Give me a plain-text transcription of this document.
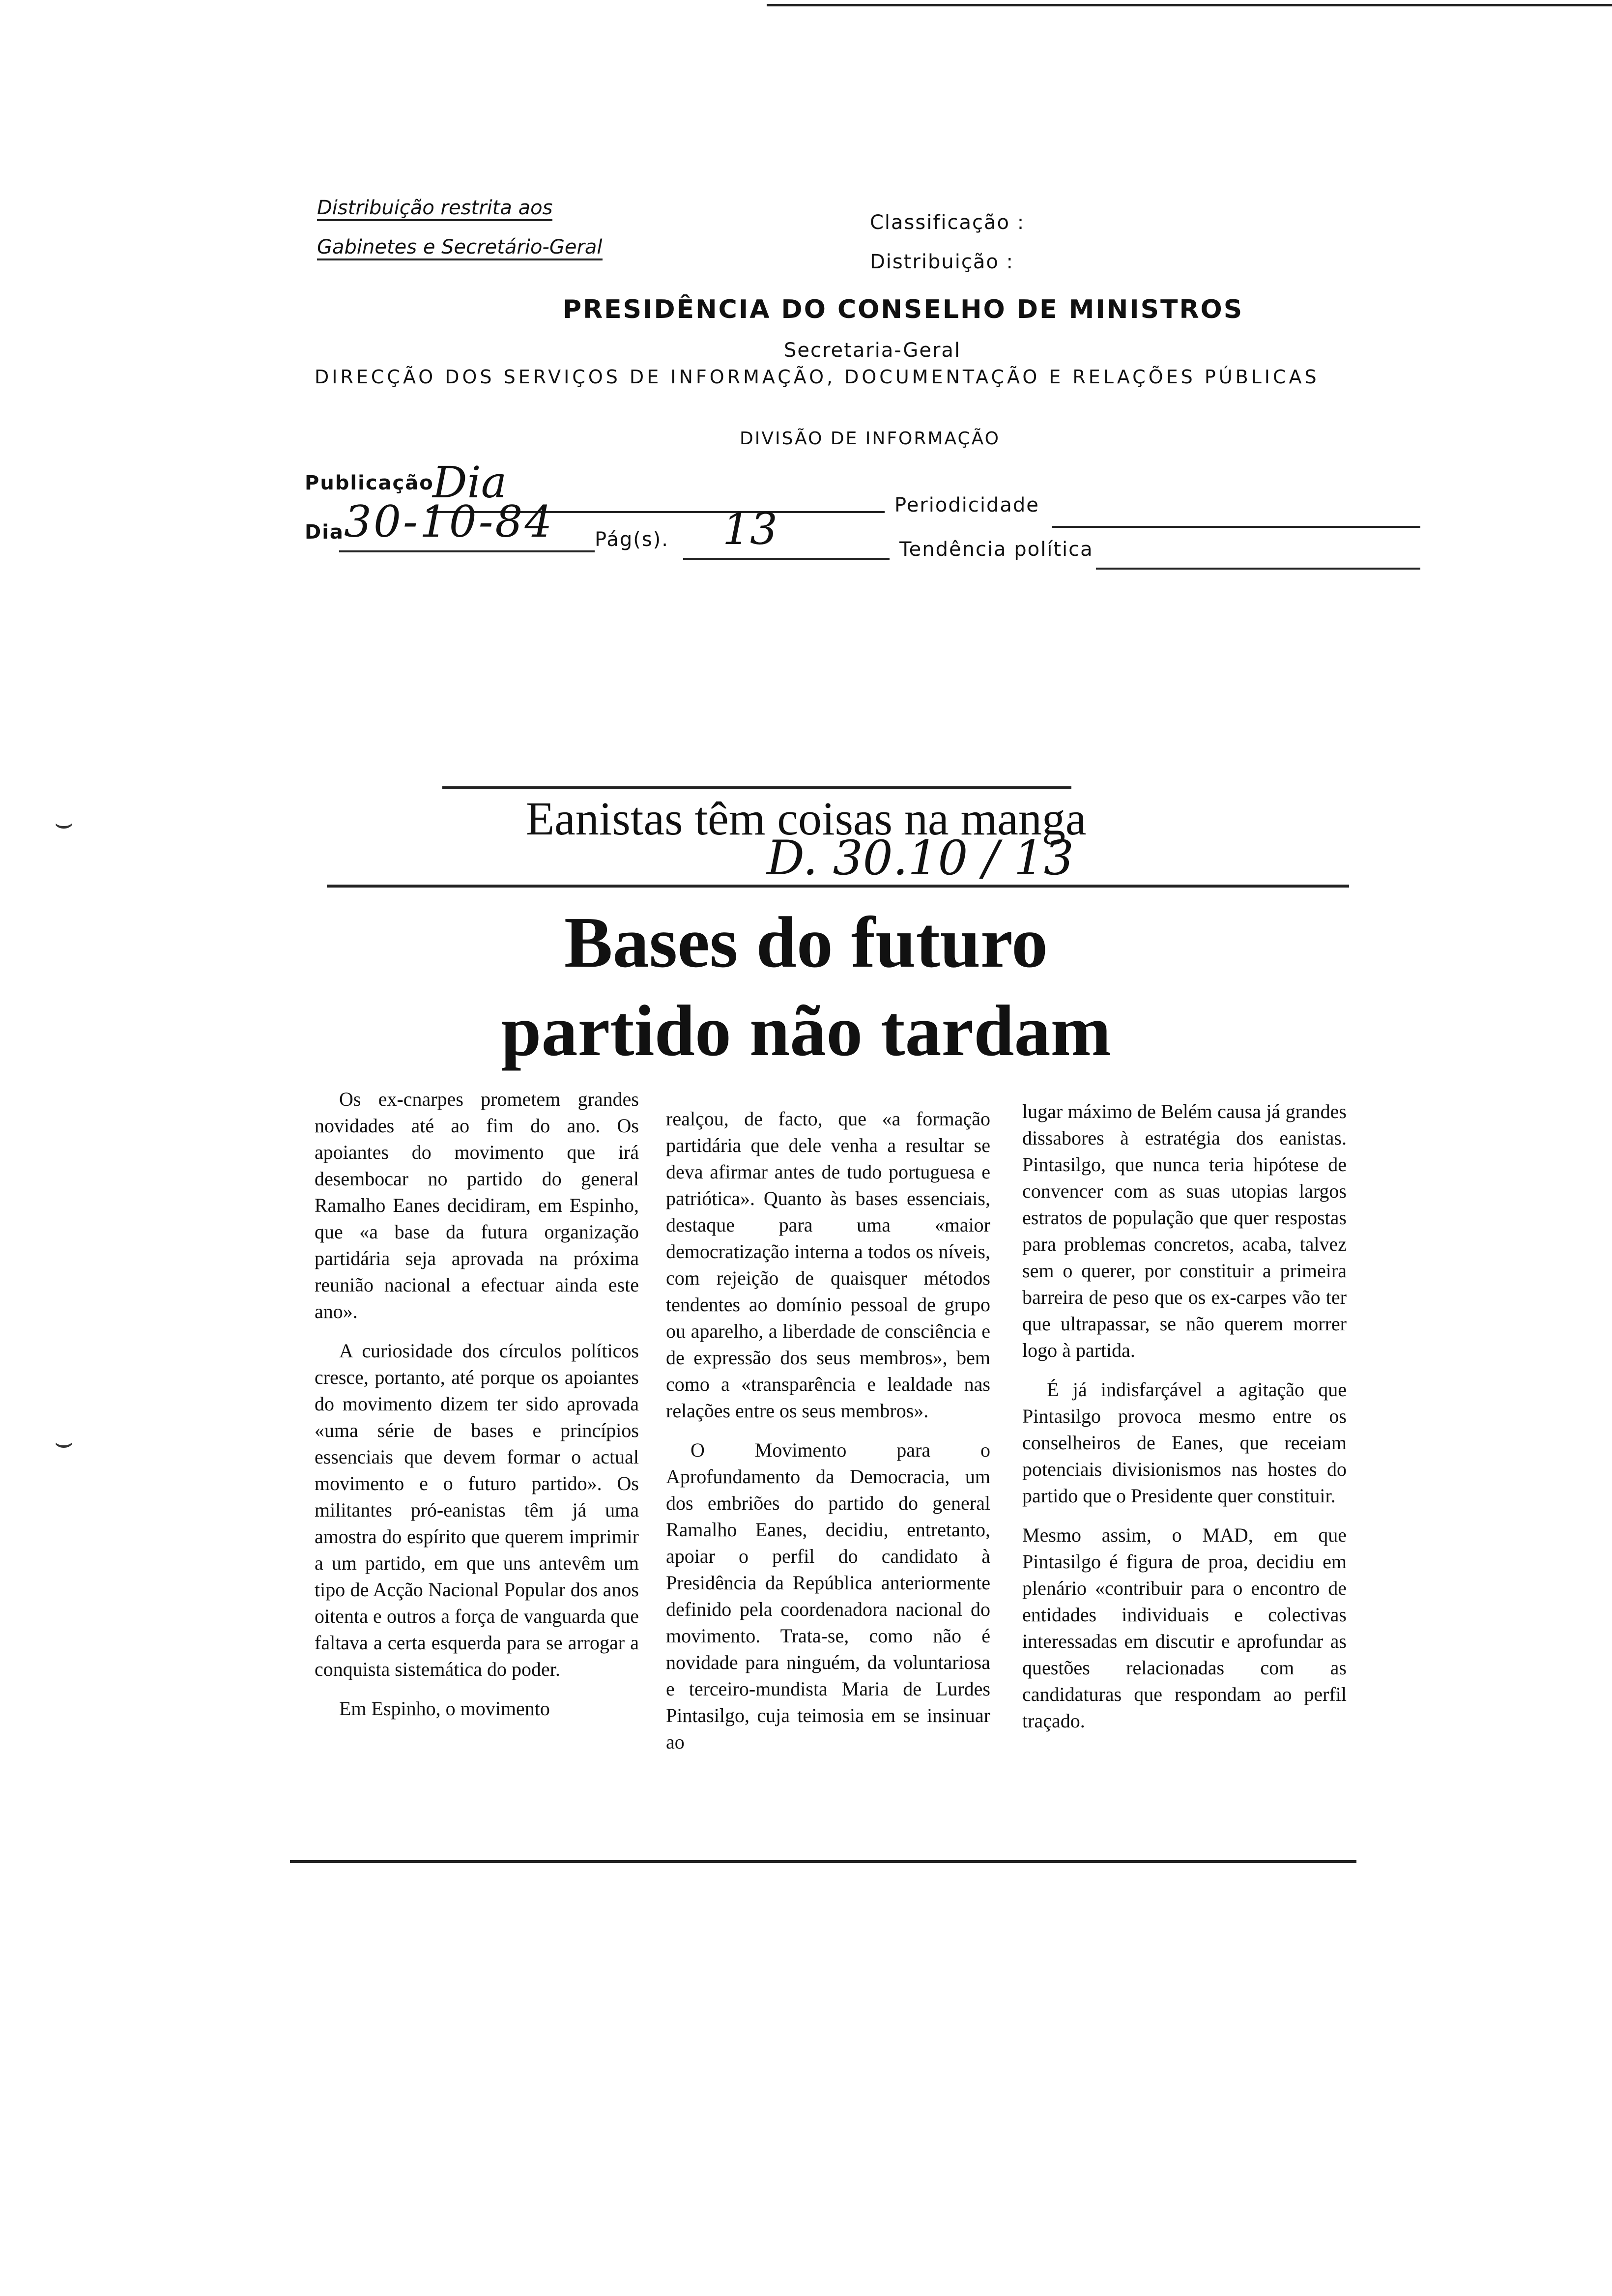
Distribuição restrita aos
Gabinetes e Secretário-Geral
Classificação :
Distribuição :
PRESIDÊNCIA DO CONSELHO DE MINISTROS
Secretaria-Geral
DIRECÇÃO DOS SERVIÇOS DE INFORMAÇÃO, DOCUMENTAÇÃO E RELAÇÕES PÚBLICAS
DIVISÃO DE INFORMAÇÃO
Publicação
Dia	Periodicidade
Dia 30-10-84 Pág(s). 13	Tendência política
⌣
⌣
Eanistas têm coisas na manga
D. 30.10 / 13
Bases do futuro
partido não tardam

Os ex-cnarpes prometem grandes novidades até ao fim do ano. Os apoiantes do movimento que irá desembocar no partido do general Ramalho Eanes decidiram, em Espinho, que «a base da futura organização partidária seja aprovada na próxima reunião nacional a efectuar ainda este ano».

A curiosidade dos círculos políticos cresce, portanto, até porque os apoiantes do movimento dizem ter sido aprovada «uma série de bases e princípios essenciais que devem formar o actual movimento e o futuro partido». Os militantes pró-eanistas têm já uma amostra do espírito que querem imprimir a um partido, em que uns antevêm um tipo de Acção Nacional Popular dos anos oitenta e outros a força de vanguarda que faltava a certa esquerda para se arrogar a conquista sistemática do poder.

Em Espinho, o movimento

realçou, de facto, que «a formação partidária que dele venha a resultar se deva afirmar antes de tudo portuguesa e patriótica». Quanto às bases essenciais, destaque para uma «maior democratização interna a todos os níveis, com rejeição de quaisquer métodos tendentes ao domínio pessoal de grupo ou aparelho, a liberdade de consciência e de expressão dos seus membros», bem como a «transparência e lealdade nas relações entre os seus membros».

O Movimento para o Aprofundamento da Democracia, um dos embriões do partido do general Ramalho Eanes, decidiu, entretanto, apoiar o perfil do candidato à Presidência da República anteriormente definido pela coordenadora nacional do movimento. Trata-se, como não é novidade para ninguém, da voluntariosa e terceiro-mundista Maria de Lurdes Pintasilgo, cuja teimosia em se insinuar ao

lugar máximo de Belém causa já grandes dissabores à estratégia dos eanistas. Pintasilgo, que nunca teria hipótese de convencer com as suas utopias largos estratos de população que quer respostas para problemas concretos, acaba, talvez sem o querer, por constituir a primeira barreira de peso que os ex-carpes vão ter que ultrapassar, se não querem morrer logo à partida.

É já indisfarçável a agitação que Pintasilgo provoca mesmo entre os conselheiros de Eanes, que receiam potenciais divisionismos nas hostes do partido que o Presidente quer constituir.

Mesmo assim, o MAD, em que Pintasilgo é figura de proa, decidiu em plenário «contribuir para o encontro de entidades individuais e colectivas interessadas em discutir e aprofundar as questões relacionadas com as candidaturas que respondam ao perfil traçado.
